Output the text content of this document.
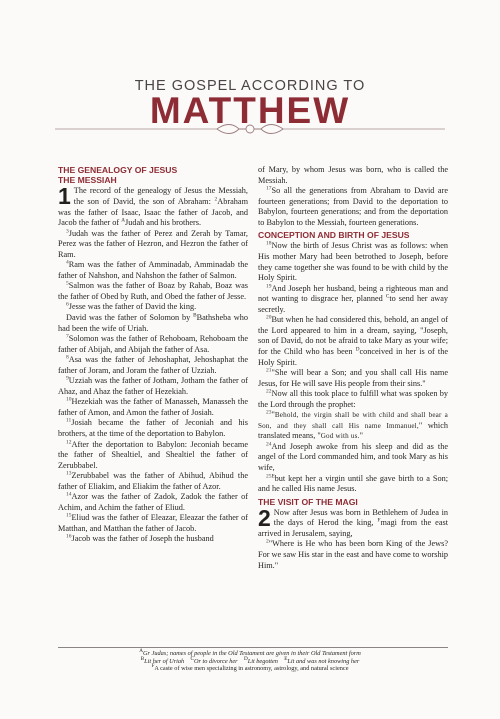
THE GOSPEL ACCORDING TO
MATTHEW
THE GENEALOGY OF JESUS
THE MESSIAH

1 The record of the genealogy of Jesus the Messiah, the son of David, the son of Abraham: $^2$Abraham was the father of Isaac, Isaac the father of Jacob, and Jacob the father of $^A$Judah and his brothers.

$^3$Judah was the father of Perez and Zerah by Tamar, Perez was the father of Hezron, and Hezron the father of Ram.

$^4$Ram was the father of Amminadab, Amminadab the father of Nahshon, and Nahshon the father of Salmon.

$^5$Salmon was the father of Boaz by Rahab, Boaz was the father of Obed by Ruth, and Obed the father of Jesse.

$^6$Jesse was the father of David the king.

David was the father of Solomon by $^B$Bathsheba who had been the wife of Uriah.

$^7$Solomon was the father of Rehoboam, Rehoboam the father of Abijah, and Abijah the father of Asa.

$^8$Asa was the father of Jehoshaphat, Jehoshaphat the father of Joram, and Joram the father of Uzziah.

$^9$Uzziah was the father of Jotham, Jotham the father of Ahaz, and Ahaz the father of Hezekiah.

$^{10}$Hezekiah was the father of Manasseh, Manasseh the father of Amon, and Amon the father of Josiah.

$^{11}$Josiah became the father of Jeconiah and his brothers, at the time of the deportation to Babylon.

$^{12}$After the deportation to Babylon: Jeconiah became the father of Shealtiel, and Shealtiel the father of Zerubbabel.

$^{13}$Zerubbabel was the father of Abihud, Abihud the father of Eliakim, and Eliakim the father of Azor.

$^{14}$Azor was the father of Zadok, Zadok the father of Achim, and Achim the father of Eliud.

$^{15}$Eliud was the father of Eleazar, Eleazar the father of Matthan, and Matthan the father of Jacob.

$^{16}$Jacob was the father of Joseph the husband

of Mary, by whom Jesus was born, who is called the Messiah.

$^{17}$So all the generations from Abraham to David are fourteen generations; from David to the deportation to Babylon, fourteen generations; and from the deportation to Babylon to the Messiah, fourteen generations.

CONCEPTION AND BIRTH OF JESUS

$^{18}$Now the birth of Jesus Christ was as follows: when His mother Mary had been betrothed to Joseph, before they came together she was found to be with child by the Holy Spirit.

$^{19}$And Joseph her husband, being a righteous man and not wanting to disgrace her, planned $^C$to send her away secretly.

$^{20}$But when he had considered this, behold, an angel of the Lord appeared to him in a dream, saying, "Joseph, son of David, do not be afraid to take Mary as your wife; for the Child who has been $^D$conceived in her is of the Holy Spirit.

$^{21}$"She will bear a Son; and you shall call His name Jesus, for He will save His people from their sins."

$^{22}$Now all this took place to fulfill what was spoken by the Lord through the prophet:

$^{23}$"Behold, the virgin shall be with child and shall bear a Son, and they shall call His name Immanuel," which translated means, "God with us."

$^{24}$And Joseph awoke from his sleep and did as the angel of the Lord commanded him, and took Mary as his wife,

$^{25E}$but kept her a virgin until she gave birth to a Son; and he called His name Jesus.

THE VISIT OF THE MAGI

2 Now after Jesus was born in Bethlehem of Judea in the days of Herod the king, $^F$magi from the east arrived in Jerusalem, saying,

$^2$"Where is He who has been born King of the Jews? For we saw His star in the east and have come to worship Him."

$^A$Gr Judas; names of people in the Old Testament are given in their Old Testament form
$^B$Lit her of Uriah $^C$Or to divorce her $^D$Lit begotten $^E$Lit and was not knowing her
$^F$A caste of wise men specializing in astronomy, astrology, and natural science
